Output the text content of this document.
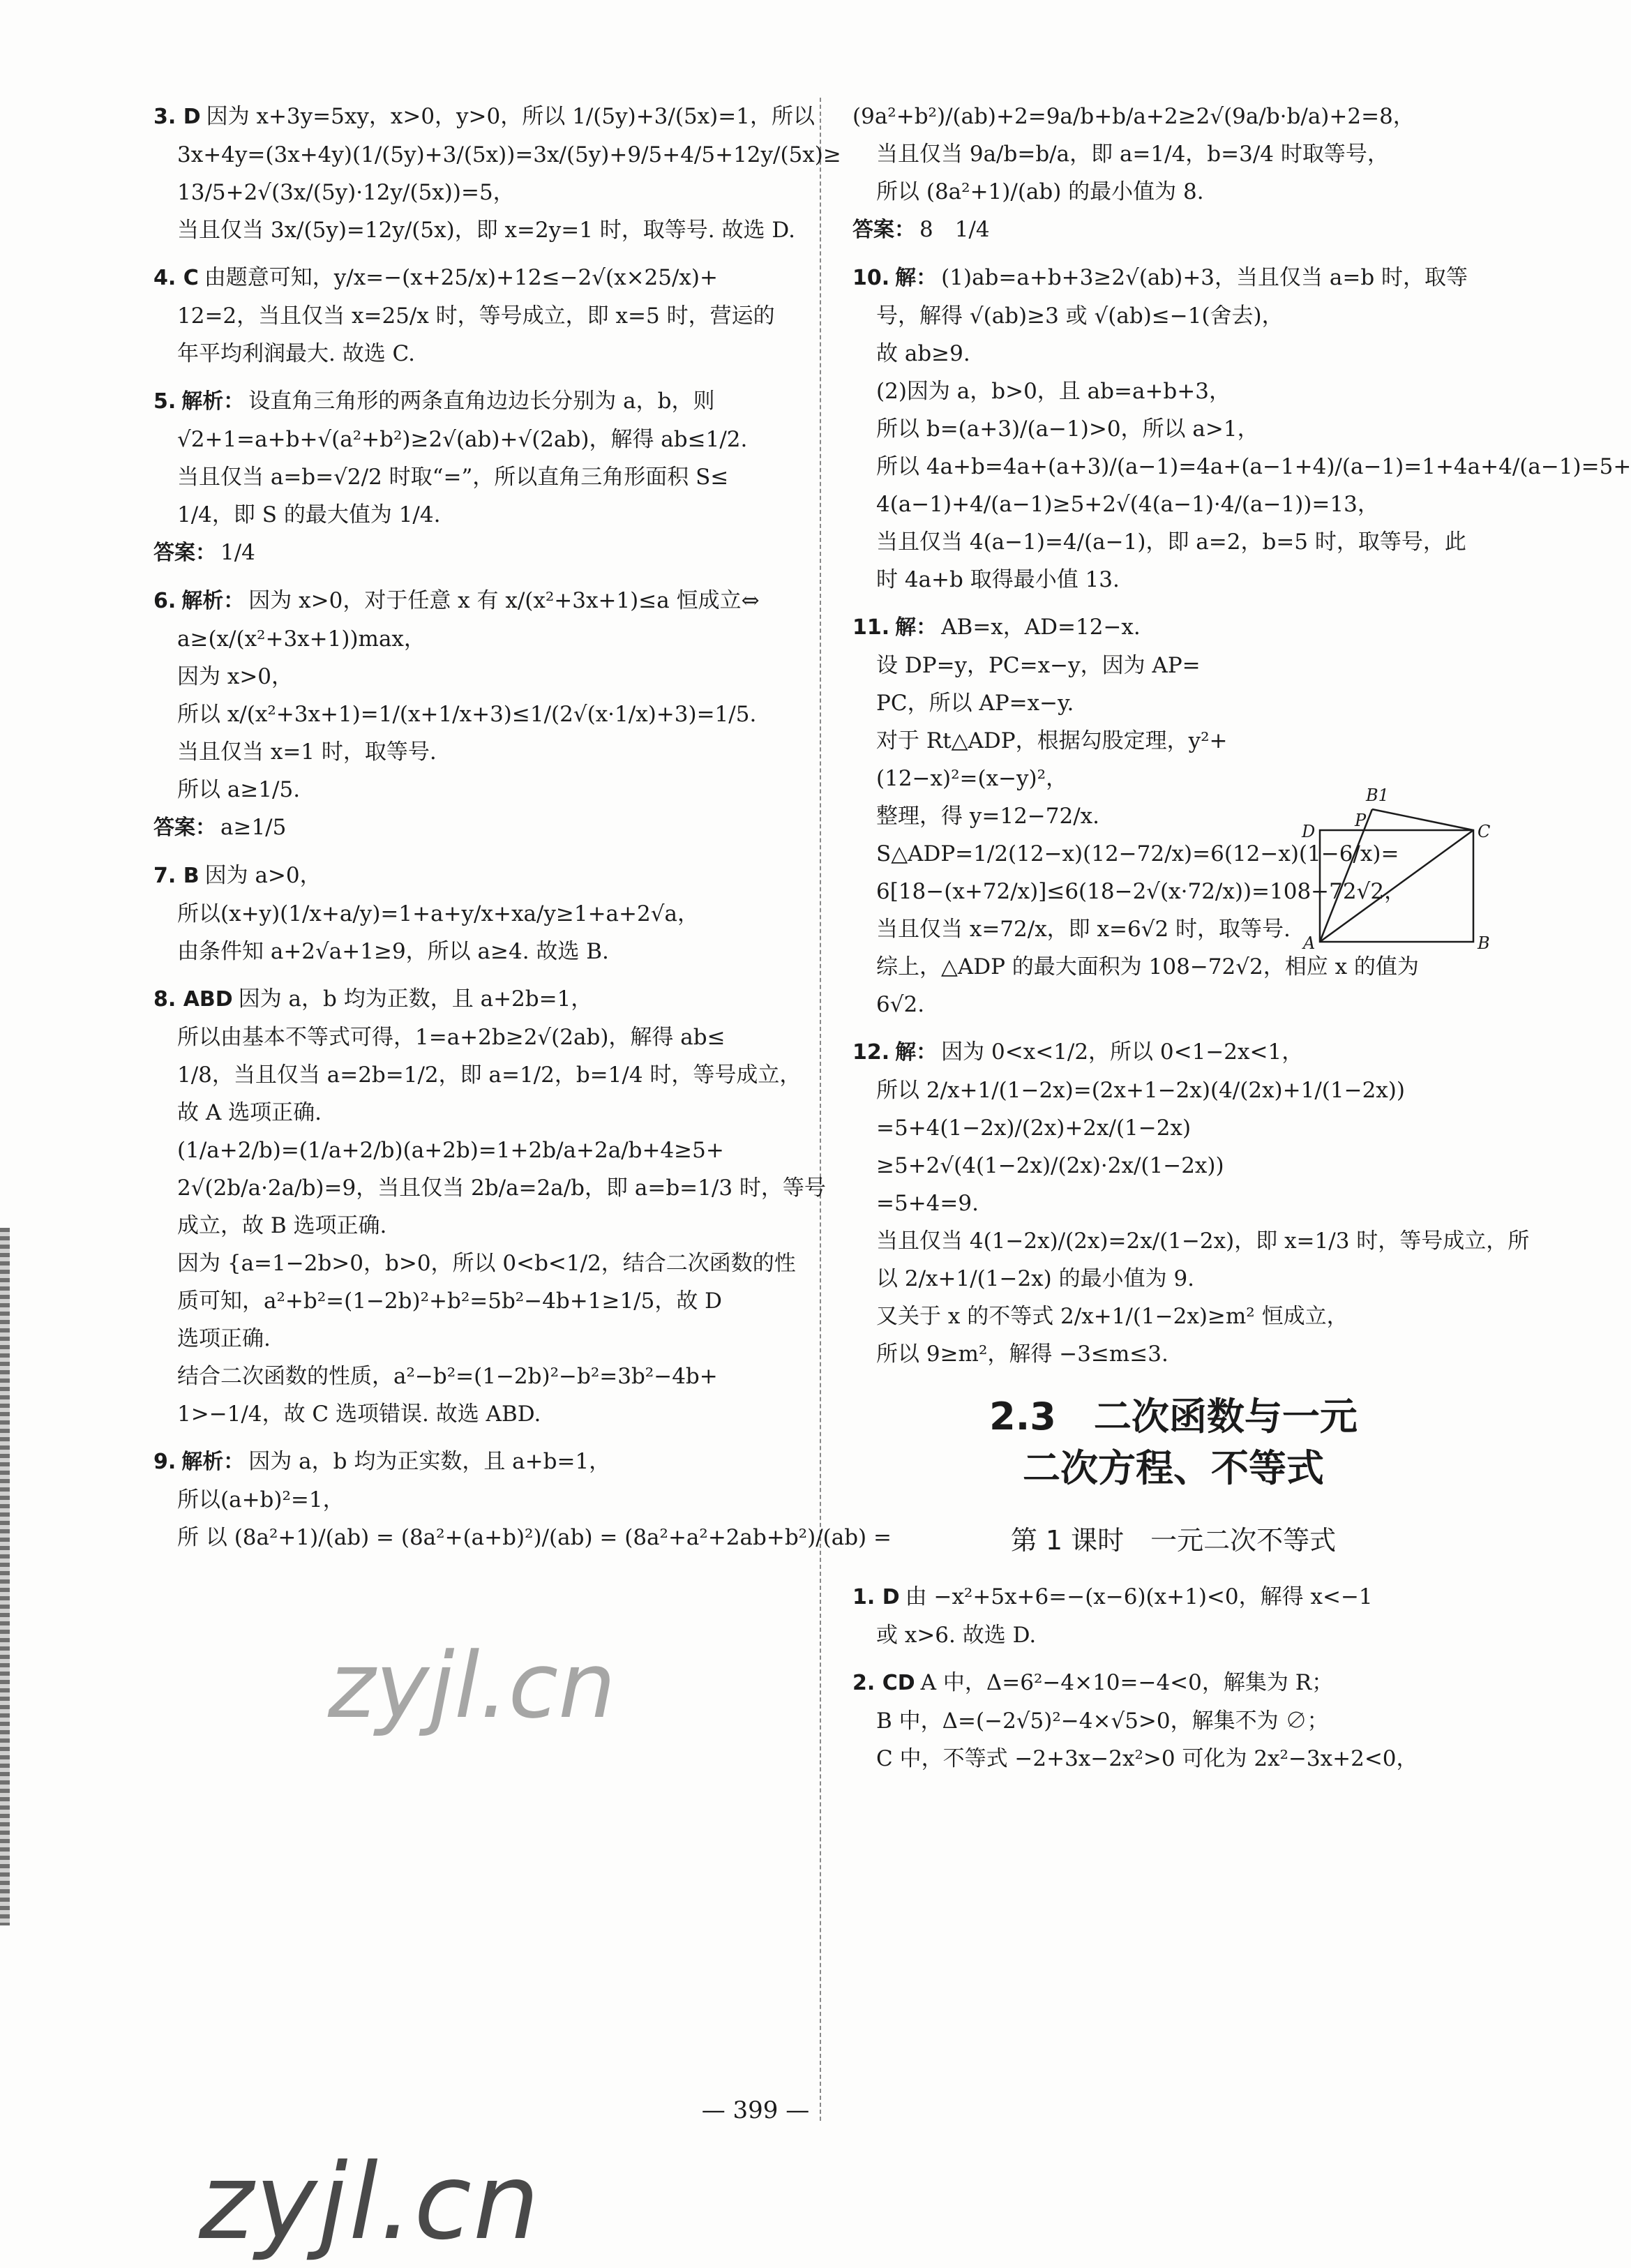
3. D 因为 x+3y=5xy，x>0，y>0，所以 1/(5y)+3/(5x)=1，所以
3x+4y=(3x+4y)(1/(5y)+3/(5x))=3x/(5y)+9/5+4/5+12y/(5x)≥
13/5+2√(3x/(5y)·12y/(5x))=5，
当且仅当 3x/(5y)=12y/(5x)，即 x=2y=1 时，取等号. 故选 D.
4. C 由题意可知，y/x=−(x+25/x)+12≤−2√(x×25/x)+
12=2，当且仅当 x=25/x 时，等号成立，即 x=5 时，营运的
年平均利润最大. 故选 C.
5. 解析： 设直角三角形的两条直角边边长分别为 a，b，则
√2+1=a+b+√(a²+b²)≥2√(ab)+√(2ab)，解得 ab≤1/2.
当且仅当 a=b=√2/2 时取“=”，所以直角三角形面积 S≤
1/4，即 S 的最大值为 1/4.
答案： 1/4
6. 解析： 因为 x>0，对于任意 x 有 x/(x²+3x+1)≤a 恒成立⇔
a≥(x/(x²+3x+1))max，
因为 x>0，
所以 x/(x²+3x+1)=1/(x+1/x+3)≤1/(2√(x·1/x)+3)=1/5.
当且仅当 x=1 时，取等号.
所以 a≥1/5.
答案： a≥1/5
7. B 因为 a>0，
所以(x+y)(1/x+a/y)=1+a+y/x+xa/y≥1+a+2√a，
由条件知 a+2√a+1≥9，所以 a≥4. 故选 B.
8. ABD 因为 a，b 均为正数，且 a+2b=1，
所以由基本不等式可得，1=a+2b≥2√(2ab)，解得 ab≤
1/8，当且仅当 a=2b=1/2，即 a=1/2，b=1/4 时，等号成立，
故 A 选项正确.
(1/a+2/b)=(1/a+2/b)(a+2b)=1+2b/a+2a/b+4≥5+
2√(2b/a·2a/b)=9，当且仅当 2b/a=2a/b，即 a=b=1/3 时，等号
成立，故 B 选项正确.
因为 {a=1−2b>0，b>0，所以 0<b<1/2，结合二次函数的性
质可知，a²+b²=(1−2b)²+b²=5b²−4b+1≥1/5，故 D
选项正确.
结合二次函数的性质，a²−b²=(1−2b)²−b²=3b²−4b+
1>−1/4，故 C 选项错误. 故选 ABD.
9. 解析： 因为 a，b 均为正实数，且 a+b=1，
所以(a+b)²=1，
所 以 (8a²+1)/(ab) = (8a²+(a+b)²)/(ab) = (8a²+a²+2ab+b²)/(ab) =
(9a²+b²)/(ab)+2=9a/b+b/a+2≥2√(9a/b·b/a)+2=8，
当且仅当 9a/b=b/a，即 a=1/4，b=3/4 时取等号，
所以 (8a²+1)/(ab) 的最小值为 8.
答案： 8　1/4
10. 解： (1)ab=a+b+3≥2√(ab)+3，当且仅当 a=b 时，取等
号，解得 √(ab)≥3 或 √(ab)≤−1(舍去)，
故 ab≥9.
(2)因为 a，b>0，且 ab=a+b+3，
所以 b=(a+3)/(a−1)>0，所以 a>1，
所以 4a+b=4a+(a+3)/(a−1)=4a+(a−1+4)/(a−1)=1+4a+4/(a−1)=5+
4(a−1)+4/(a−1)≥5+2√(4(a−1)·4/(a−1))=13，
当且仅当 4(a−1)=4/(a−1)，即 a=2，b=5 时，取等号，此
时 4a+b 取得最小值 13.
11. 解： AB=x，AD=12−x.
设 DP=y，PC=x−y，因为 AP=
PC，所以 AP=x−y.
对于 Rt△ADP，根据勾股定理，y²+
(12−x)²=(x−y)²，
整理，得 y=12−72/x.
S△ADP=1/2(12−x)(12−72/x)=6(12−x)(1−6/x)=
6[18−(x+72/x)]≤6(18−2√(x·72/x))=108−72√2，
当且仅当 x=72/x，即 x=6√2 时，取等号.
综上，△ADP 的最大面积为 108−72√2，相应 x 的值为
6√2.
12. 解： 因为 0<x<1/2，所以 0<1−2x<1，
所以 2/x+1/(1−2x)=(2x+1−2x)(4/(2x)+1/(1−2x))
=5+4(1−2x)/(2x)+2x/(1−2x)
≥5+2√(4(1−2x)/(2x)·2x/(1−2x))
=5+4=9.
当且仅当 4(1−2x)/(2x)=2x/(1−2x)，即 x=1/3 时，等号成立，所
以 2/x+1/(1−2x) 的最小值为 9.
又关于 x 的不等式 2/x+1/(1−2x)≥m² 恒成立，
所以 9≥m²，解得 −3≤m≤3.
2.3　二次函数与一元
二次方程、不等式
第 1 课时　一元二次不等式
1. D 由 −x²+5x+6=−(x−6)(x+1)<0，解得 x<−1
或 x>6. 故选 D.
2. CD A 中，Δ=6²−4×10=−4<0，解集为 R；
B 中，Δ=(−2√5)²−4×√5>0，解集不为 ∅；
C 中，不等式 −2+3x−2x²>0 可化为 2x²−3x+2<0，
B1
D
P
C
A	B
zyjl.cn
— 399 —
zyjl.cn
